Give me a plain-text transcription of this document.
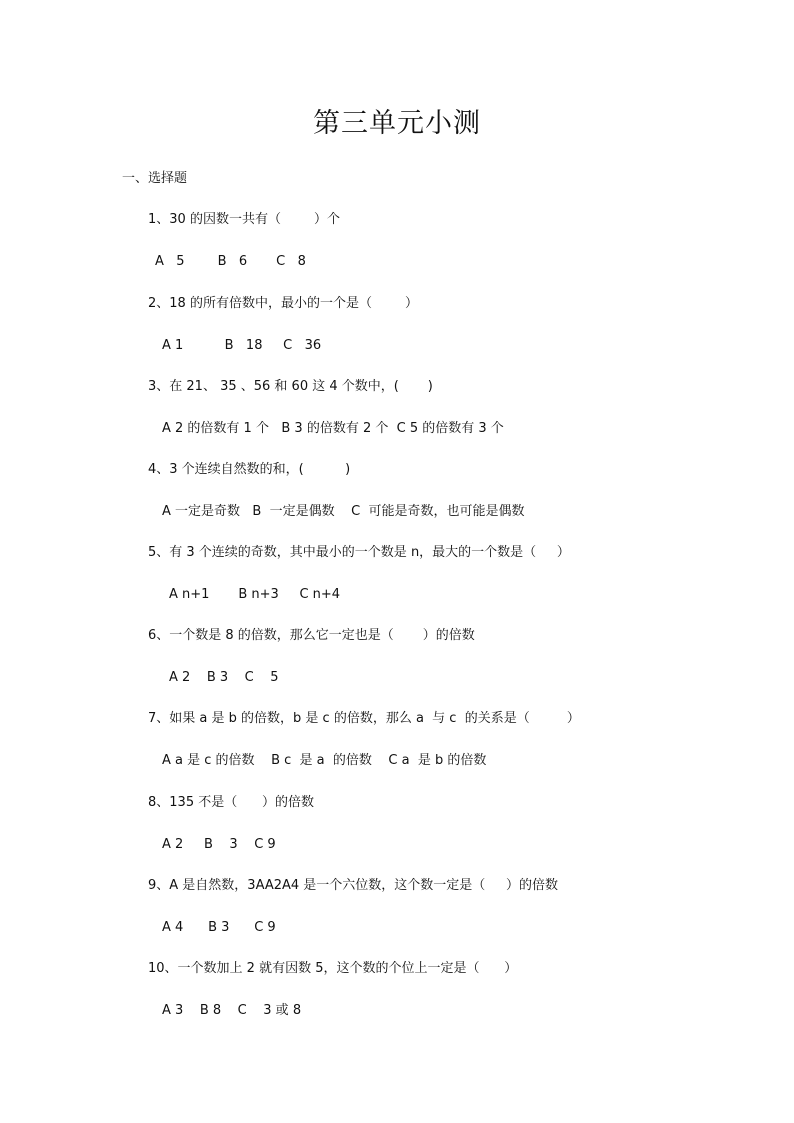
第三单元小测
一、选择题
1、30 的因数一共有（        ）个
A   5        B   6       C   8
2、18 的所有倍数中，最小的一个是（        ）
A 1          B   18     C   36
3、在 21、 35 、56 和 60 这 4 个数中，(       )
A 2 的倍数有 1 个   B 3 的倍数有 2 个  C 5 的倍数有 3 个
4、3 个连续自然数的和，(          )
A 一定是奇数   B  一定是偶数    C  可能是奇数，也可能是偶数
5、有 3 个连续的奇数，其中最小的一个数是 n，最大的一个数是（     ）
A n+1       B n+3     C n+4
6、一个数是 8 的倍数，那么它一定也是（       ）的倍数
A 2    B 3    C    5
7、如果 a 是 b 的倍数，b 是 c 的倍数，那么 a  与 c  的关系是（         ）
A a 是 c 的倍数    B c  是 a  的倍数    C a  是 b 的倍数
8、135 不是（      ）的倍数
A 2     B    3    C 9
9、A 是自然数，3AA2A4 是一个六位数，这个数一定是（     ）的倍数
A 4      B 3      C 9
10、一个数加上 2 就有因数 5，这个数的个位上一定是（      ）
A 3    B 8    C    3 或 8
